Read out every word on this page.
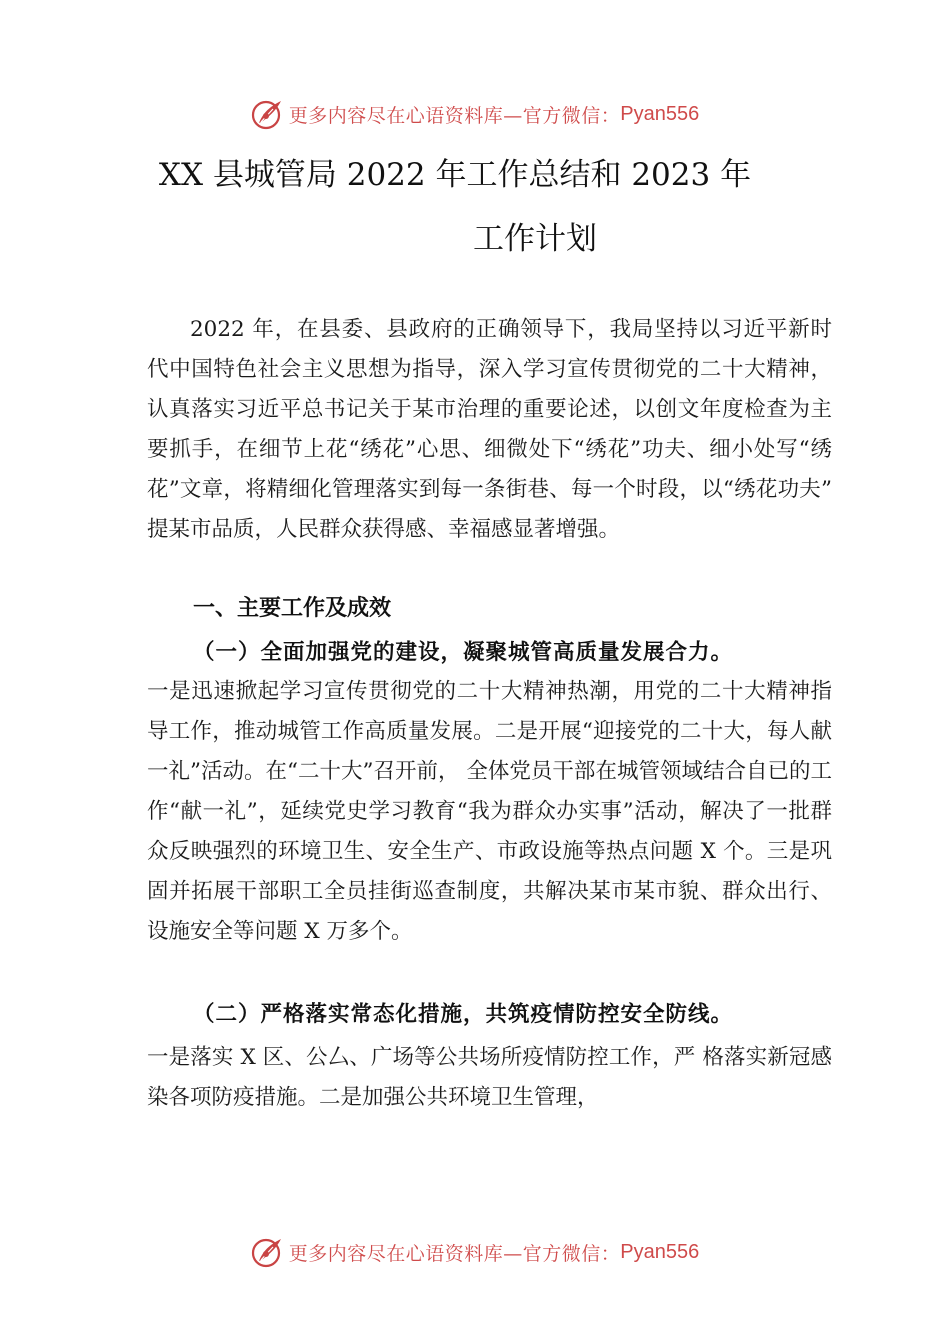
更多内容尽在心语资料库—官方微信： Pyan556
XX 县城管局 2022 年工作总结和 2023 年
工作计划

2022 年，在县委、县政府的正确领导下，我局坚持以习近平新时代中国特色社会主义思想为指导，深入学习宣传贯彻党的二十大精神，认真落实习近平总书记关于某市治理的重要论述，以创文年度检查为主要抓手，在细节上花“绣花”心思、细微处下“绣花”功夫、细小处写“绣花”文章，将精细化管理落实到每一条街巷、每一个时段，以“绣花功夫” 提某市品质，人民群众获得感、幸福感显著增强。

一、主要工作及成效
（一）全面加强党的建设，凝聚城管高质量发展合力。

一是迅速掀起学习宣传贯彻党的二十大精神热潮，用党的二十大精神指导工作，推动城管工作高质量发展。二是开展“迎接党的二十大，每人献一礼”活动。在“二十大”召开前， 全体党员干部在城管领域结合自已的工作“献一礼”，延续党史学习教育“我为群众办实事”活动，解决了一批群众反映强烈的环境卫生、安全生产、市政设施等热点问题 X 个。三是巩固并拓展干部职工全员挂街巡查制度，共解决某市某市貌、群众出行、设施安全等问题 X 万多个。

（二）严格落实常态化措施，共筑疫情防控安全防线。

一是落实 X 区、公厶、广场等公共场所疫情防控工作，严 格落实新冠感染各项防疫措施。二是加强公共环境卫生管理，

更多内容尽在心语资料库—官方微信： Pyan556
